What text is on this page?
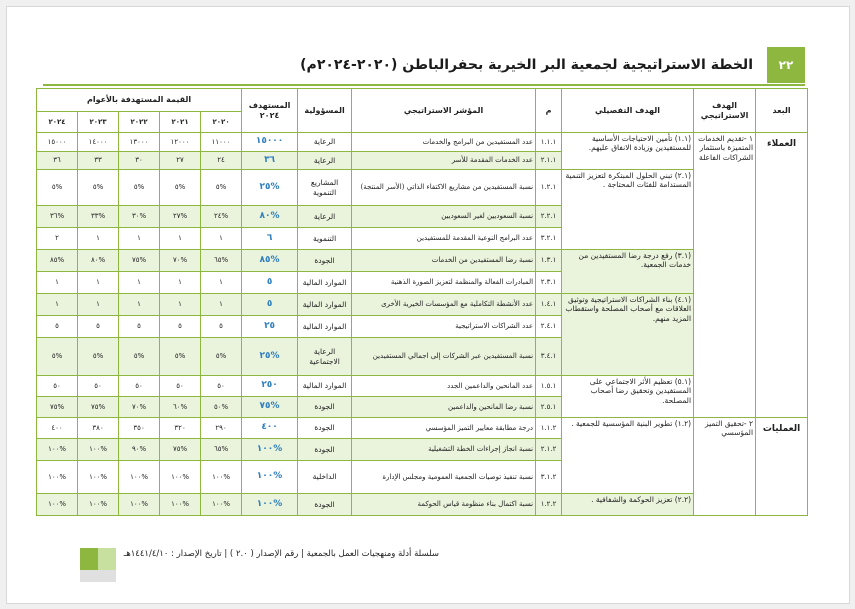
٢٢
الخطة الاستراتيجية لجمعية البر الخيرية بحفرالباطن (٢٠٢٠-٢٠٢٤م)
البعد	الهدف الاستراتيجي	الهدف التفصيلي	م	المؤشر الاستراتيجي	المسؤولية	المستهدف ٢٠٢٤	القيمة المستهدفة بالأعوام				
							٢٠٢٠	٢٠٢١	٢٠٢٢	٢٠٢٣	٢٠٢٤
العملاء	١ -تقديم الخدمات المتميزة باستثمار الشراكات الفاعلة	(١.١) تأمين الاحتياجات الأساسية للمستفيدين وزيادة الانفاق عليهم.	١.١.١	عدد المستفيدين من البرامج والخدمات	الرعاية	١٥٠٠٠	١١٠٠٠	١٢٠٠٠	١٣٠٠٠	١٤٠٠٠	١٥٠٠٠
			٢.١.١	عدد الخدمات المقدمة للأسر	الرعاية	٣٦	٢٤	٢٧	٣٠	٣٣	٣٦
		(٢.١) تبني الحلول المبتكرة لتعزيز التنمية المستدامة للفئات المحتاجة .	١.٢.١	نسبة المستفيدين من مشاريع الاكتفاء الذاتي (الأسر المنتجة)	المشاريع التنموية	%٢٥	%٥	%٥	%٥	%٥	%٥
			٢.٢.١	نسبة السعوديين لغير السعوديين	الرعاية	%٨٠	%٢٤	%٢٧	%٣٠	%٣٣	%٣٦
			٣.٢.١	عدد البرامج النوعية المقدمة للمستفيدين	التنموية	٦	١	١	١	١	٢
		(٣.١) رفع درجة رضا المستفيدين من خدمات الجمعية.	١.٣.١	نسبة رضا المستفيدين من الخدمات	الجودة	%٨٥	%٦٥	%٧٠	%٧٥	%٨٠	%٨٥
			٢.٣.١	المبادرات الفعالة والمنظمة لتعزيز الصورة الذهنية	الموارد المالية	٥	١	١	١	١	١
		(٤.١) بناء الشراكات الاستراتيجية وتوثيق العلاقات مع أصحاب المصلحة واستقطاب المزيد منهم.	١.٤.١	عدد الأنشطة التكاملية مع المؤسسات الخيرية الأخرى	الموارد المالية	٥	١	١	١	١	١
			٢.٤.١	عدد الشراكات الاستراتيجية	الموارد المالية	٢٥	٥	٥	٥	٥	٥
			٣.٤.١	نسبة المستفيدين عبر الشركات إلى اجمالي المستفيدين	الرعاية الاجتماعية	%٢٥	%٥	%٥	%٥	%٥	%٥
		(٥.١) تعظيم الأثر الاجتماعي على المستفيدين وتحقيق رضا أصحاب المصلحة.	١.٥.١	عدد المانحين والداعمين الجدد	الموارد المالية	٢٥٠	٥٠	٥٠	٥٠	٥٠	٥٠
			٢.٥.١	نسبة رضا المانحين والداعمين	الجودة	%٧٥	%٥٠	%٦٠	%٧٠	%٧٥	%٧٥
العمليات	٢ -تحقيق التميز المؤسسي	(١.٢) تطوير البنية المؤسسية للجمعية .	١.١.٢	درجة مطابقة معايير التميز المؤسسي	الجودة	٤٠٠	٢٩٠	٣٢٠	٣٥٠	٣٨٠	٤٠٠
			٢.١.٢	نسبة انجاز إجراءات الخطة التشغيلية	الجودة	%١٠٠	%٦٥	%٧٥	%٩٠	%١٠٠	%١٠٠
			٣.١.٢	نسبة تنفيذ توصيات الجمعية العمومية ومجلس الإدارة	الداخلية	%١٠٠	%١٠٠	%١٠٠	%١٠٠	%١٠٠	%١٠٠
		(٢.٢) تعزيز الحوكمة والشفافية .	١.٢.٢	نسبة اكتمال بناء منظومة قياس الحوكمة	الجودة	%١٠٠	%١٠٠	%١٠٠	%١٠٠	%١٠٠	%١٠٠
سلسلة أدلة ومنهجيات العمل بالجمعية | رقم الإصدار ( ٢.٠ ) | تاريخ الإصدار : ١٤٤١/٤/١٠هـ
